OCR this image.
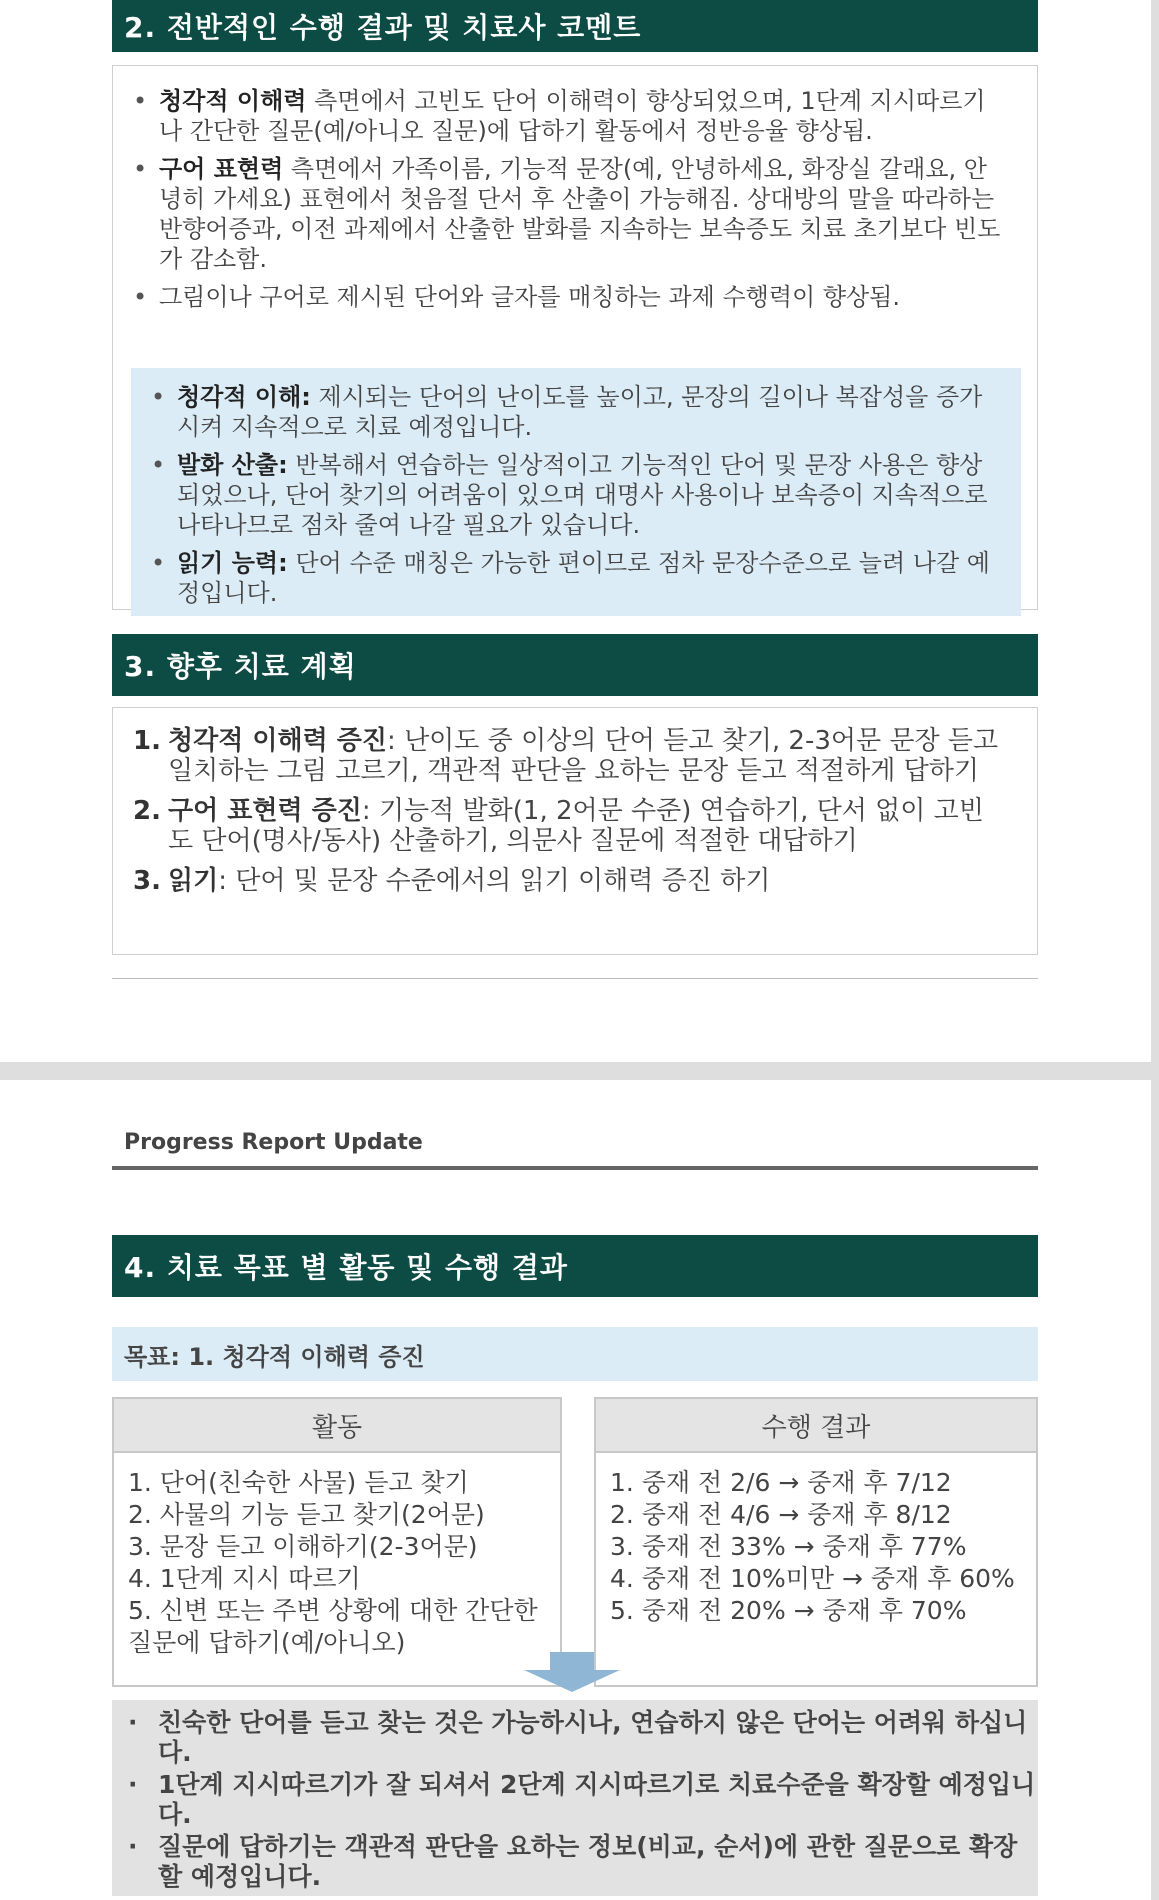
2. 전반적인 수행 결과 및 치료사 코멘트
• 청각적 이해력 측면에서 고빈도 단어 이해력이 향상되었으며, 1단계 지시따르기나 간단한 질문(예/아니오 질문)에 답하기 활동에서 정반응율 향상됨.
• 구어 표현력 측면에서 가족이름, 기능적 문장(예, 안녕하세요, 화장실 갈래요, 안녕히 가세요) 표현에서 첫음절 단서 후 산출이 가능해짐. 상대방의 말을 따라하는 반향어증과, 이전 과제에서 산출한 발화를 지속하는 보속증도 치료 초기보다 빈도가 감소함.
• 그림이나 구어로 제시된 단어와 글자를 매칭하는 과제 수행력이 향상됨.
• 청각적 이해: 제시되는 단어의 난이도를 높이고, 문장의 길이나 복잡성을 증가시켜 지속적으로 치료 예정입니다.
• 발화 산출: 반복해서 연습하는 일상적이고 기능적인 단어 및 문장 사용은 향상되었으나, 단어 찾기의 어려움이 있으며 대명사 사용이나 보속증이 지속적으로 나타나므로 점차 줄여 나갈 필요가 있습니다.
• 읽기 능력: 단어 수준 매칭은 가능한 편이므로 점차 문장수준으로 늘려 나갈 예정입니다.
3. 향후 치료 계획
1. 청각적 이해력 증진: 난이도 중 이상의 단어 듣고 찾기, 2-3어문 문장 듣고 일치하는 그림 고르기, 객관적 판단을 요하는 문장 듣고 적절하게 답하기
2. 구어 표현력 증진: 기능적 발화(1, 2어문 수준) 연습하기, 단서 없이 고빈도 단어(명사/동사) 산출하기, 의문사 질문에 적절한 대답하기
3. 읽기: 단어 및 문장 수준에서의 읽기 이해력 증진 하기
Progress Report Update
4. 치료 목표 별 활동 및 수행 결과
목표: 1. 청각적 이해력 증진
활동
1. 단어(친숙한 사물) 듣고 찾기
2. 사물의 기능 듣고 찾기(2어문)
3. 문장 듣고 이해하기(2-3어문)
4. 1단계 지시 따르기
5. 신변 또는 주변 상황에 대한 간단한 질문에 답하기(예/아니오)
수행 결과
1. 중재 전 2/6 → 중재 후 7/12
2. 중재 전 4/6 → 중재 후 8/12
3. 중재 전 33% → 중재 후 77%
4. 중재 전 10%미만 → 중재 후 60%
5. 중재 전 20% → 중재 후 70%
· 친숙한 단어를 듣고 찾는 것은 가능하시나, 연습하지 않은 단어는 어려워 하십니다.
· 1단계 지시따르기가 잘 되셔서 2단계 지시따르기로 치료수준을 확장할 예정입니다.
· 질문에 답하기는 객관적 판단을 요하는 정보(비교, 순서)에 관한 질문으로 확장할 예정입니다.
